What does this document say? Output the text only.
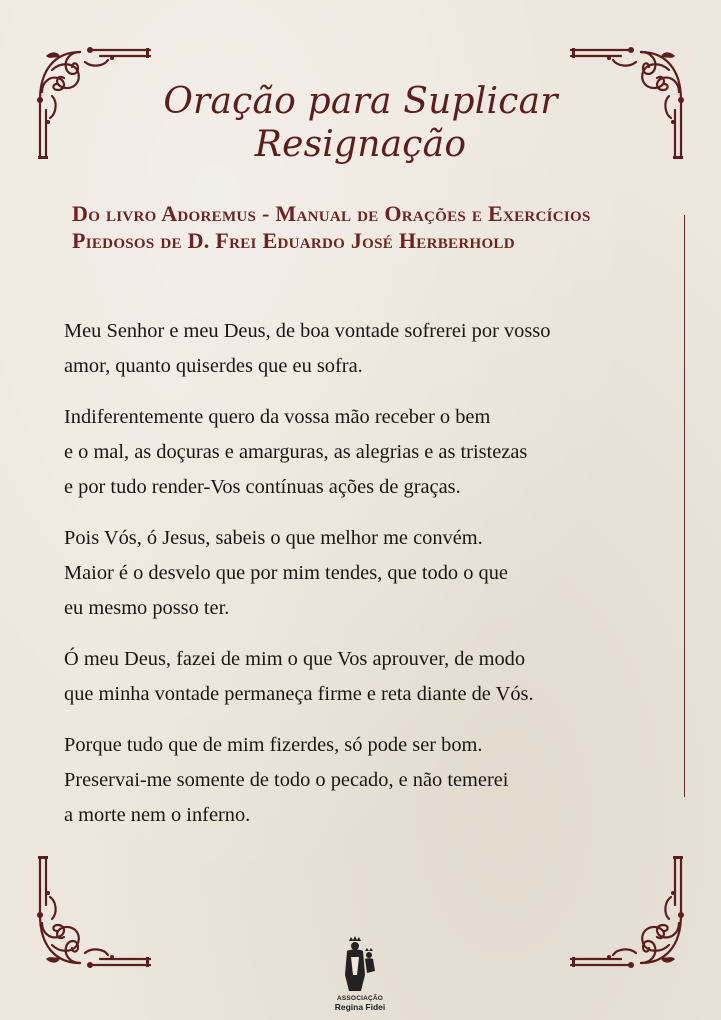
Oração para Suplicar
Resignação

Do livro Adoremus - Manual de Orações e Exercícios Piedosos de D. Frei Eduardo José Herberhold

Meu Senhor e meu Deus, de boa vontade sofrerei por vosso
amor, quanto quiserdes que eu sofra.

Indiferentemente quero da vossa mão receber o bem
e o mal, as doçuras e amarguras, as alegrias e as tristezas
e por tudo render-Vos contínuas ações de graças.

Pois Vós, ó Jesus, sabeis o que melhor me convém.
Maior é o desvelo que por mim tendes, que todo o que
eu mesmo posso ter.

Ó meu Deus, fazei de mim o que Vos aprouver, de modo
que minha vontade permaneça firme e reta diante de Vós.

Porque tudo que de mim fizerdes, só pode ser bom.
Preservai-me somente de todo o pecado, e não temerei
a morte nem o inferno.

ASSOCIAÇÃO
Regina Fidei
